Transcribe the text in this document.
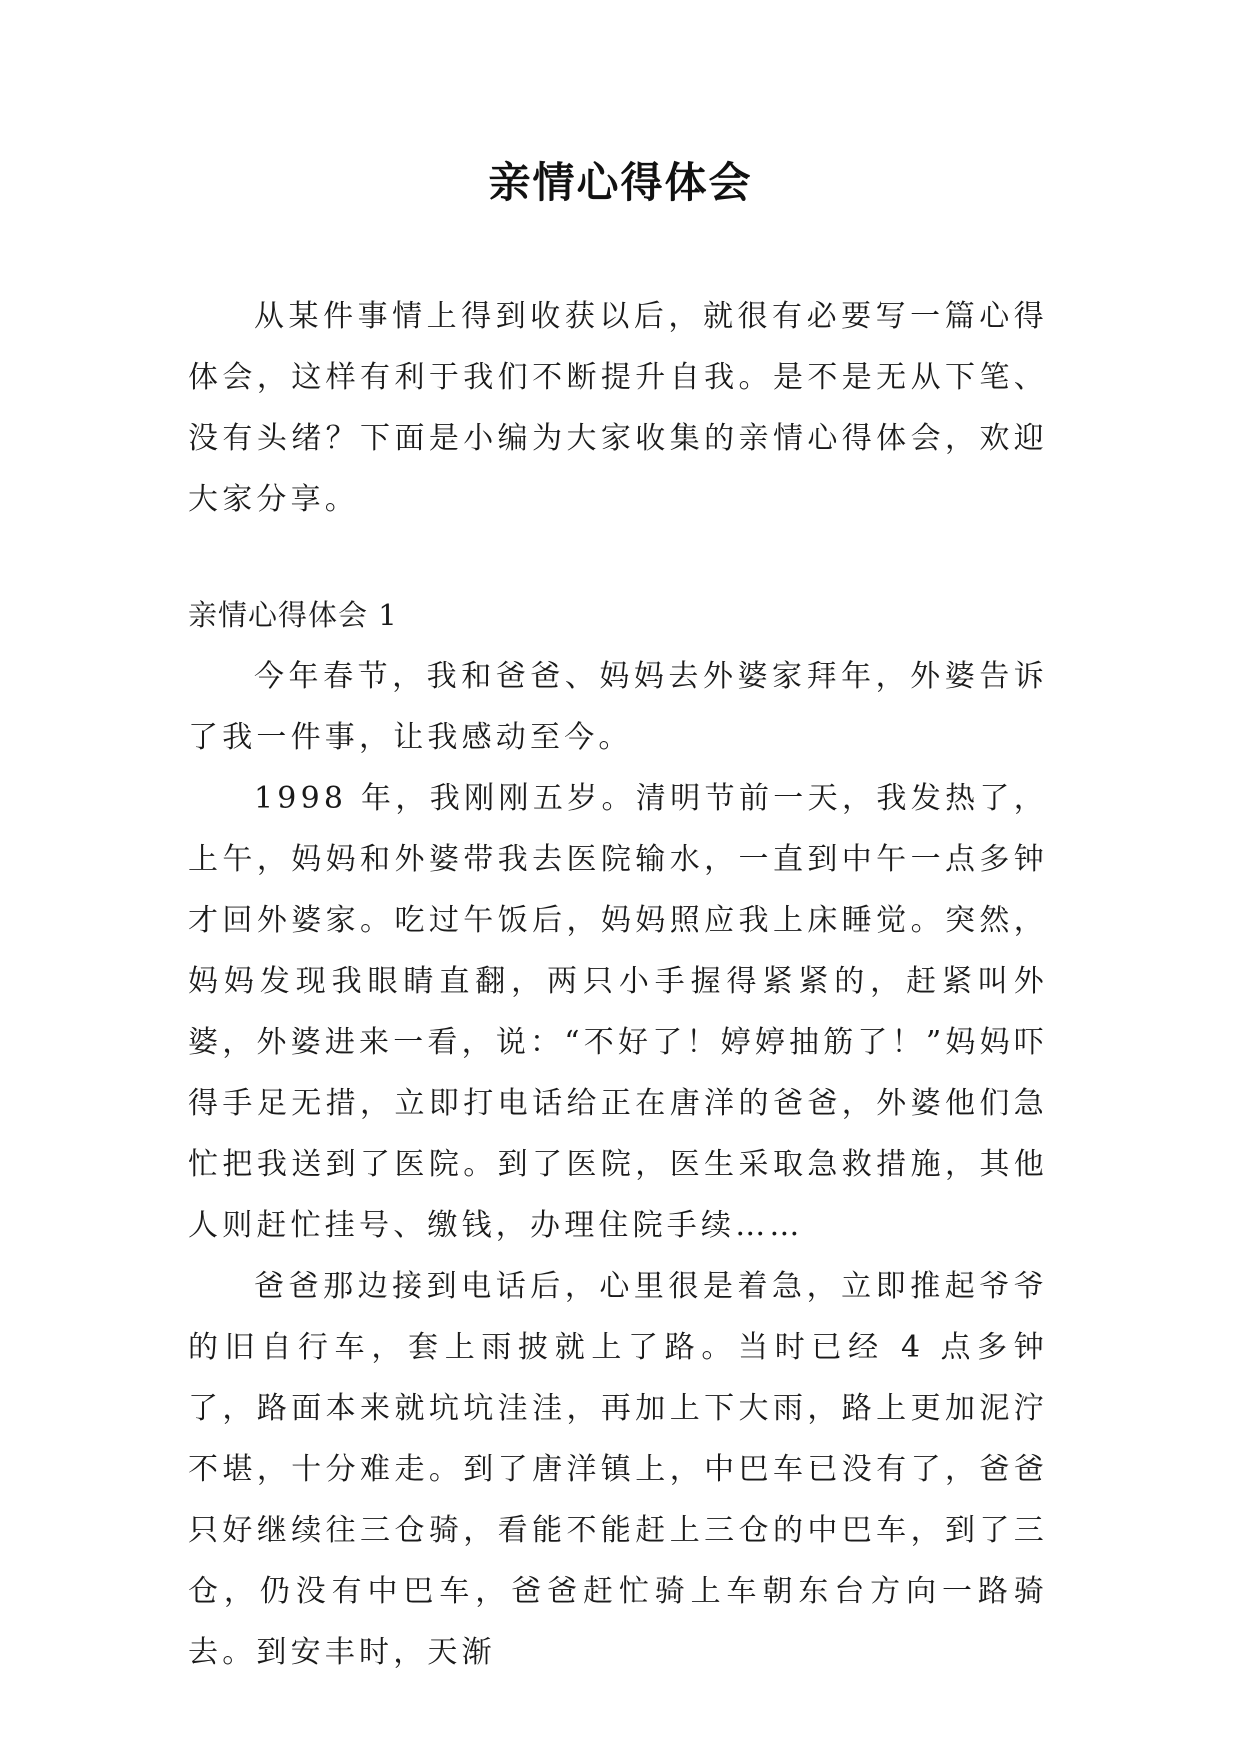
亲情心得体会

从某件事情上得到收获以后，就很有必要写一篇心得体会，这样有利于我们不断提升自我。是不是无从下笔、没有头绪？下面是小编为大家收集的亲情心得体会，欢迎大家分享。

亲情心得体会 1

今年春节，我和爸爸、妈妈去外婆家拜年，外婆告诉了我一件事，让我感动至今。

1998 年，我刚刚五岁。清明节前一天，我发热了，上午，妈妈和外婆带我去医院输水，一直到中午一点多钟才回外婆家。吃过午饭后，妈妈照应我上床睡觉。突然，妈妈发现我眼睛直翻，两只小手握得紧紧的，赶紧叫外婆，外婆进来一看，说：“不好了！婷婷抽筋了！”妈妈吓得手足无措，立即打电话给正在唐洋的爸爸，外婆他们急忙把我送到了医院。到了医院，医生采取急救措施，其他人则赶忙挂号、缴钱，办理住院手续……

爸爸那边接到电话后，心里很是着急，立即推起爷爷的旧自行车，套上雨披就上了路。当时已经 4 点多钟了，路面本来就坑坑洼洼，再加上下大雨，路上更加泥泞不堪，十分难走。到了唐洋镇上，中巴车已没有了，爸爸只好继续往三仓骑，看能不能赶上三仓的中巴车，到了三仓，仍没有中巴车，爸爸赶忙骑上车朝东台方向一路骑去。到安丰时，天渐
